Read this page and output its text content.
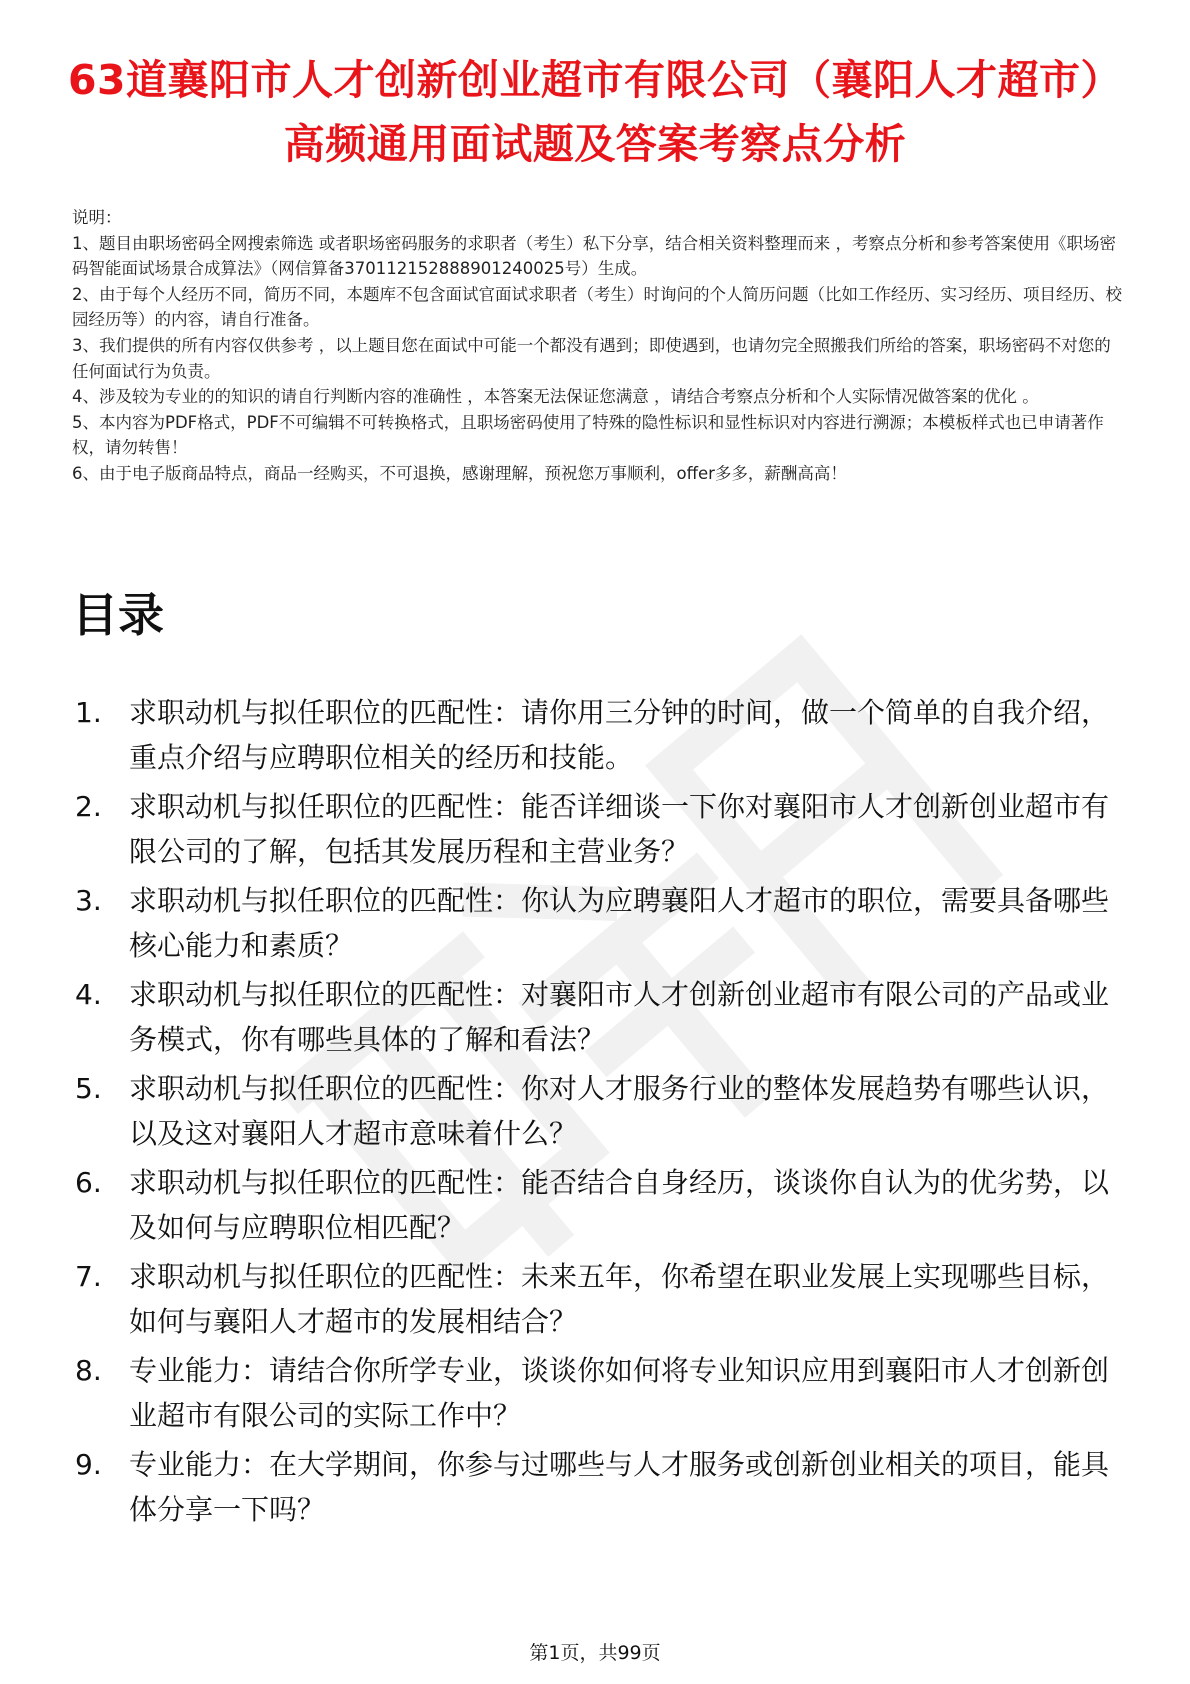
63道襄阳市人才创新创业超市有限公司（襄阳人才超市）高频通用面试题及答案考察点分析

说明：

1、题目由职场密码全网搜索筛选 或者职场密码服务的求职者（考生）私下分享，结合相关资料整理而来 ，考察点分析和参考答案使用《职场密码智能面试场景合成算法》（网信算备370112152888901240025号）生成。

2、由于每个人经历不同，简历不同，本题库不包含面试官面试求职者（考生）时询问的个人简历问题（比如工作经历、实习经历、项目经历、校园经历等）的内容，请自行准备。

3、我们提供的所有内容仅供参考 ，以上题目您在面试中可能一个都没有遇到；即使遇到，也请勿完全照搬我们所给的答案，职场密码不对您的任何面试行为负责。

4、涉及较为专业的的知识的请自行判断内容的准确性 ，本答案无法保证您满意 ，请结合考察点分析和个人实际情况做答案的优化 。

5、本内容为PDF格式，PDF不可编辑不可转换格式，且职场密码使用了特殊的隐性标识和显性标识对内容进行溯源；本模板样式也已申请著作权，请勿转售！

6、由于电子版商品特点，商品一经购买，不可退换，感谢理解，预祝您万事顺利，offer多多，薪酬高高！

目录
1. 求职动机与拟任职位的匹配性：请你用三分钟的时间，做一个简单的自我介绍，重点介绍与应聘职位相关的经历和技能。
2. 求职动机与拟任职位的匹配性：能否详细谈一下你对襄阳市人才创新创业超市有限公司的了解，包括其发展历程和主营业务？
3. 求职动机与拟任职位的匹配性：你认为应聘襄阳人才超市的职位，需要具备哪些核心能力和素质？
4. 求职动机与拟任职位的匹配性：对襄阳市人才创新创业超市有限公司的产品或业务模式，你有哪些具体的了解和看法？
5. 求职动机与拟任职位的匹配性：你对人才服务行业的整体发展趋势有哪些认识，以及这对襄阳人才超市意味着什么？
6. 求职动机与拟任职位的匹配性：能否结合自身经历，谈谈你自认为的优劣势，以及如何与应聘职位相匹配？
7. 求职动机与拟任职位的匹配性：未来五年，你希望在职业发展上实现哪些目标，如何与襄阳人才超市的发展相结合？
8. 专业能力：请结合你所学专业，谈谈你如何将专业知识应用到襄阳市人才创新创业超市有限公司的实际工作中？
9. 专业能力：在大学期间，你参与过哪些与人才服务或创新创业相关的项目，能具体分享一下吗？
第1页，共99页
